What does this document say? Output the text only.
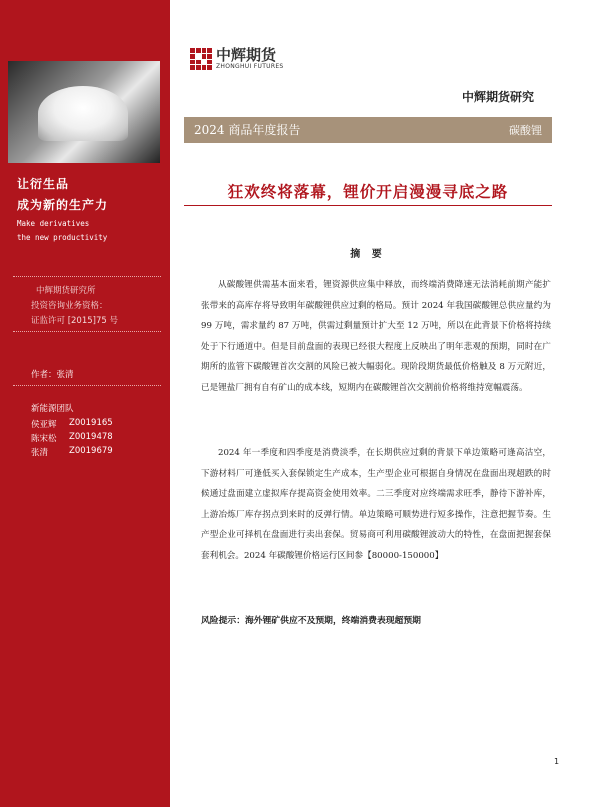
让衍生品
成为新的生产力
Make derivatives
the new productivity
中辉期货研究所
投资咨询业务资格：
证监许可 [2015]75 号
作者：张清
新能源团队
侯亚辉	Z0019165
陈宋松	Z0019478
张清	Z0019679
中辉期货
ZHONGHUI FUTURES
中辉期货研究
2024 商品年度报告	碳酸锂
狂欢终将落幕，锂价开启漫漫寻底之路
摘 要

从碳酸锂供需基本面来看，锂资源供应集中释放，而终端消费降速无法消耗前期产能扩张带来的高库存将导致明年碳酸锂供应过剩的格局。预计 2024 年我国碳酸锂总供应量约为 99 万吨，需求量约 87 万吨，供需过剩量预计扩大至 12 万吨，所以在此背景下价格将持续处于下行通道中。但是目前盘面的表现已经很大程度上反映出了明年悲观的预期，同时在广期所的监管下碳酸锂首次交割的风险已被大幅弱化。现阶段期货最低价格触及 8 万元附近，已是锂盐厂拥有自有矿山的成本线，短期内在碳酸锂首次交割前价格将维持宽幅震荡。

2024 年一季度和四季度是消费淡季，在长期供应过剩的背景下单边策略可逢高沽空，下游材料厂可逢低买入套保锁定生产成本，生产型企业可根据自身情况在盘面出现超跌的时候通过盘面建立虚拟库存提高资金使用效率。二三季度对应终端需求旺季，静待下游补库，上游冶炼厂库存拐点到来时的反弹行情。单边策略可顺势进行短多操作，注意把握节奏。生产型企业可择机在盘面进行卖出套保。贸易商可利用碳酸锂波动大的特性，在盘面把握套保套利机会。2024 年碳酸锂价格运行区间参【80000-150000】

风险提示：海外锂矿供应不及预期，终端消费表现超预期
1
